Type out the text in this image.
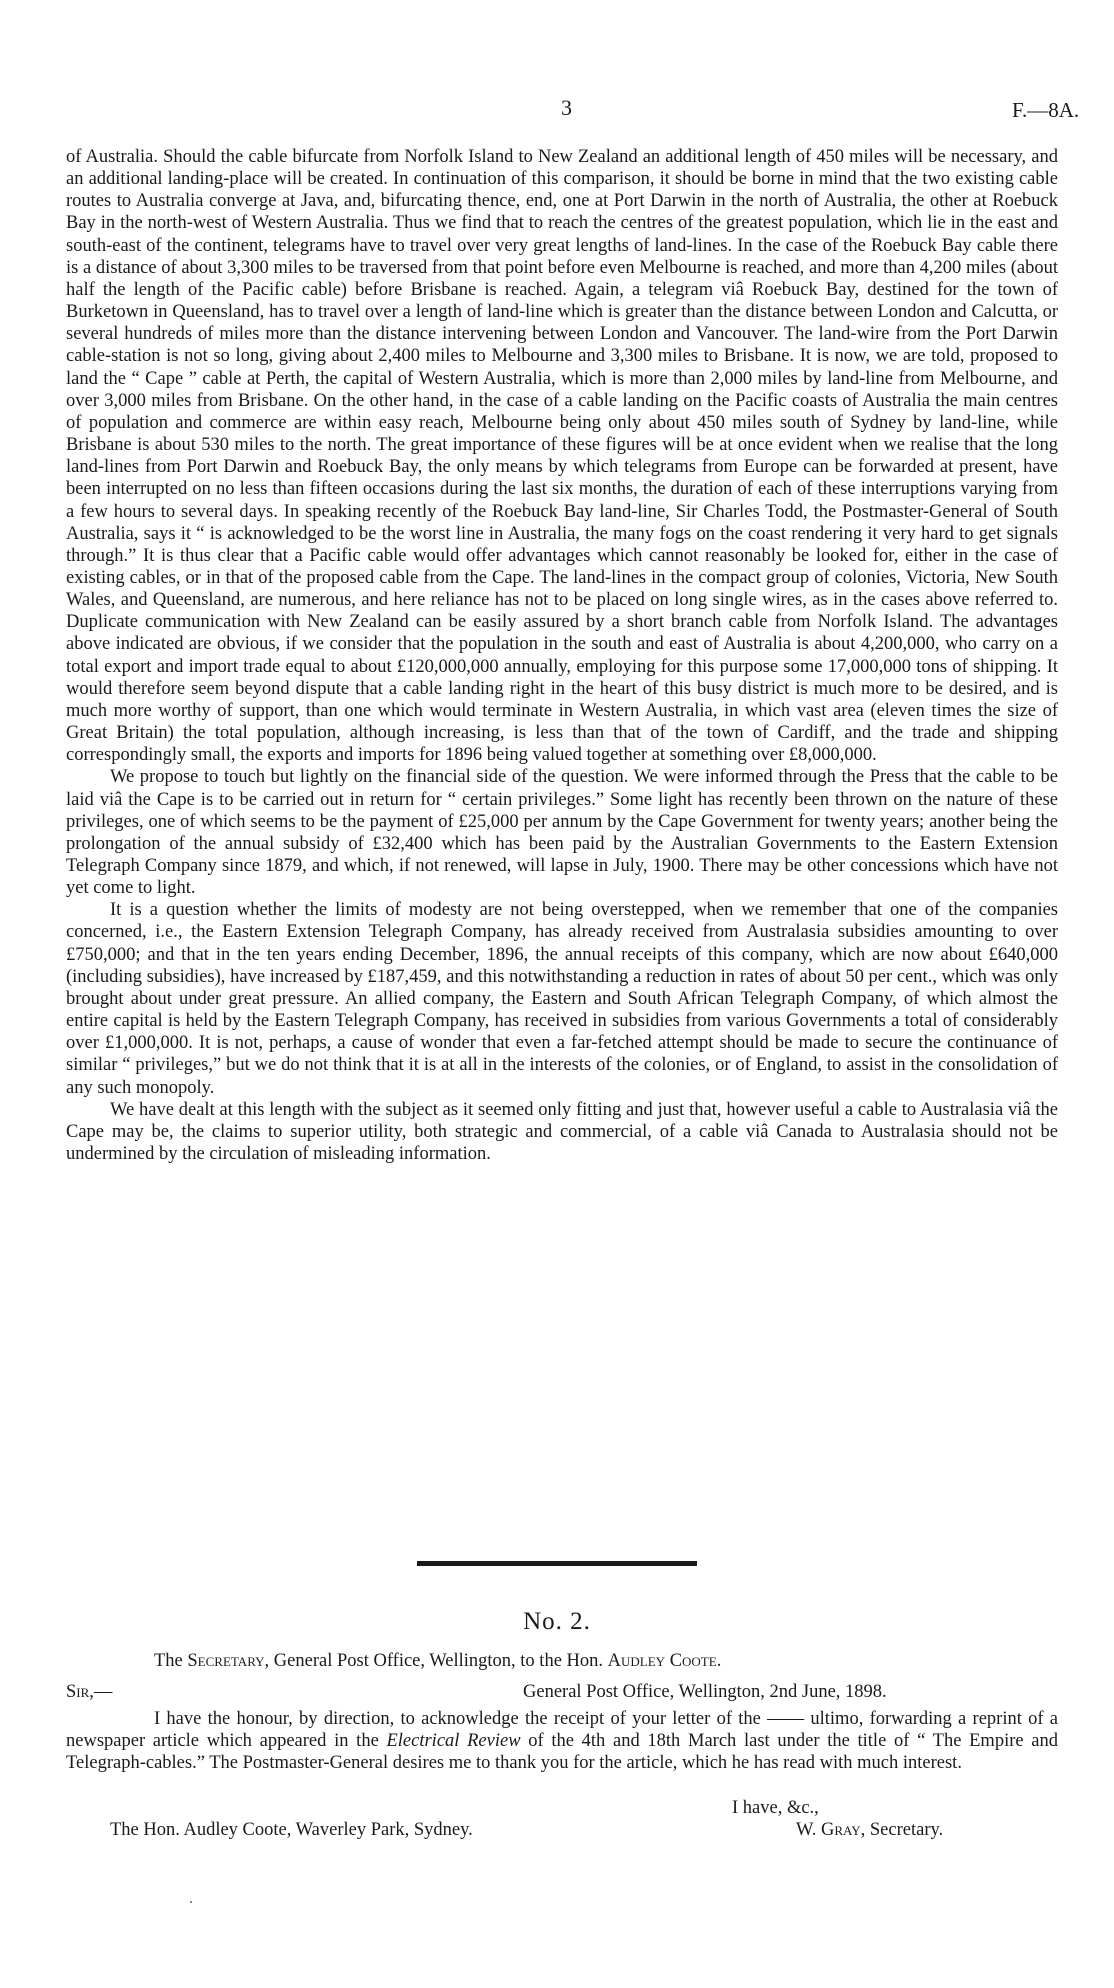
3	F.—8A.

of Australia. Should the cable bifurcate from Norfolk Island to New Zealand an additional length of 450 miles will be necessary, and an additional landing-place will be created. In continuation of this comparison, it should be borne in mind that the two existing cable routes to Australia converge at Java, and, bifurcating thence, end, one at Port Darwin in the north of Australia, the other at Roebuck Bay in the north-west of Western Australia. Thus we find that to reach the centres of the greatest population, which lie in the east and south-east of the continent, telegrams have to travel over very great lengths of land-lines. In the case of the Roebuck Bay cable there is a distance of about 3,300 miles to be traversed from that point before even Melbourne is reached, and more than 4,200 miles (about half the length of the Pacific cable) before Brisbane is reached. Again, a telegram viâ Roebuck Bay, destined for the town of Burketown in Queensland, has to travel over a length of land-line which is greater than the distance between London and Calcutta, or several hundreds of miles more than the distance intervening between London and Vancouver. The land-wire from the Port Darwin cable-station is not so long, giving about 2,400 miles to Melbourne and 3,300 miles to Brisbane. It is now, we are told, proposed to land the “ Cape ” cable at Perth, the capital of Western Australia, which is more than 2,000 miles by land-line from Melbourne, and over 3,000 miles from Brisbane. On the other hand, in the case of a cable landing on the Pacific coasts of Australia the main centres of population and commerce are within easy reach, Melbourne being only about 450 miles south of Sydney by land-line, while Brisbane is about 530 miles to the north. The great importance of these figures will be at once evident when we realise that the long land-lines from Port Darwin and Roebuck Bay, the only means by which telegrams from Europe can be forwarded at present, have been interrupted on no less than fifteen occasions during the last six months, the duration of each of these interruptions varying from a few hours to several days. In speaking recently of the Roebuck Bay land-line, Sir Charles Todd, the Postmaster-General of South Australia, says it “ is acknowledged to be the worst line in Australia, the many fogs on the coast rendering it very hard to get signals through.” It is thus clear that a Pacific cable would offer advantages which cannot reasonably be looked for, either in the case of existing cables, or in that of the proposed cable from the Cape. The land-lines in the compact group of colonies, Victoria, New South Wales, and Queensland, are numerous, and here reliance has not to be placed on long single wires, as in the cases above referred to. Duplicate communication with New Zealand can be easily assured by a short branch cable from Norfolk Island. The advantages above indicated are obvious, if we consider that the population in the south and east of Australia is about 4,200,000, who carry on a total export and import trade equal to about £120,000,000 annually, employing for this purpose some 17,000,000 tons of shipping. It would therefore seem beyond dispute that a cable landing right in the heart of this busy district is much more to be desired, and is much more worthy of support, than one which would terminate in Western Australia, in which vast area (eleven times the size of Great Britain) the total population, although increasing, is less than that of the town of Cardiff, and the trade and shipping correspondingly small, the exports and imports for 1896 being valued together at something over £8,000,000.

We propose to touch but lightly on the financial side of the question. We were informed through the Press that the cable to be laid viâ the Cape is to be carried out in return for “ certain privileges.” Some light has recently been thrown on the nature of these privileges, one of which seems to be the payment of £25,000 per annum by the Cape Government for twenty years; another being the prolongation of the annual subsidy of £32,400 which has been paid by the Australian Governments to the Eastern Extension Telegraph Company since 1879, and which, if not renewed, will lapse in July, 1900. There may be other concessions which have not yet come to light.

It is a question whether the limits of modesty are not being overstepped, when we remember that one of the companies concerned, i.e., the Eastern Extension Telegraph Company, has already received from Australasia subsidies amounting to over £750,000; and that in the ten years ending December, 1896, the annual receipts of this company, which are now about £640,000 (including subsidies), have increased by £187,459, and this notwithstanding a reduction in rates of about 50 per cent., which was only brought about under great pressure. An allied company, the Eastern and South African Telegraph Company, of which almost the entire capital is held by the Eastern Telegraph Company, has received in subsidies from various Governments a total of considerably over £1,000,000. It is not, perhaps, a cause of wonder that even a far-fetched attempt should be made to secure the continuance of similar “ privileges,” but we do not think that it is at all in the interests of the colonies, or of England, to assist in the consolidation of any such monopoly.

We have dealt at this length with the subject as it seemed only fitting and just that, however useful a cable to Australasia viâ the Cape may be, the claims to superior utility, both strategic and commercial, of a cable viâ Canada to Australasia should not be undermined by the circulation of misleading information.

No. 2.
The Secretary, General Post Office, Wellington, to the Hon. Audley Coote.
Sir,—	General Post Office, Wellington, 2nd June, 1898.

I have the honour, by direction, to acknowledge the receipt of your letter of the —— ultimo, forwarding a reprint of a newspaper article which appeared in the Electrical Review of the 4th and 18th March last under the title of “ The Empire and Telegraph-cables.” The Postmaster-General desires me to thank you for the article, which he has read with much interest.

I have, &c.,
The Hon. Audley Coote, Waverley Park, Sydney.	W. Gray, Secretary.
